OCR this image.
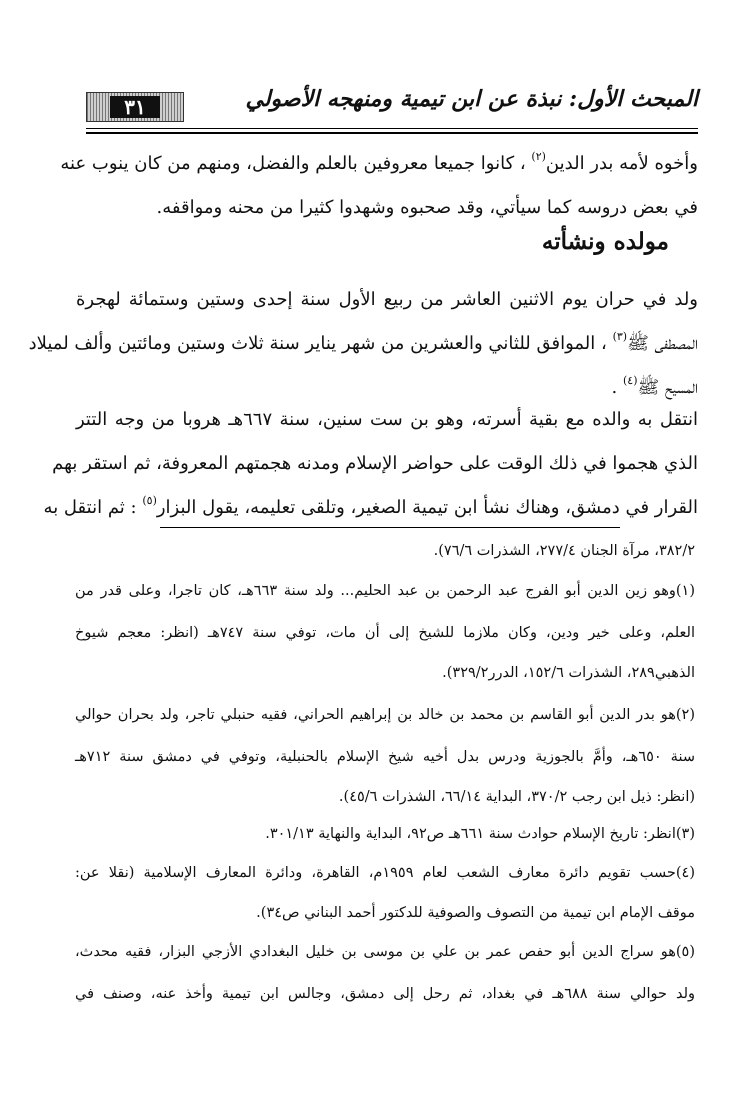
٣١	المبحث الأول: نبذة عن ابن تيمية ومنهجه الأصولي
وأخوه لأمه بدر الدين$^{(٢)}$ ، كانوا جميعا معروفين بالعلم والفضل، ومنهم من كان ينوب عنه
في بعض دروسه كما سيأتي، وقد صحبوه وشهدوا كثيرا من محنه ومواقفه.
مولده ونشأته
ولد في حران يوم الاثنين العاشر من ربيع الأول سنة إحدى وستين وستمائة لهجرة
المصطفى ﷺ$^{(٣)}$ ، الموافق للثاني والعشرين من شهر يناير سنة ثلاث وستين ومائتين وألف لميلاد
المسيح ﷺ$^{(٤)}$ .
انتقل به والده مع بقية أسرته، وهو بن ست سنين، سنة ٦٦٧هـ هروبا من وجه التتر
الذي هجموا في ذلك الوقت على حواضر الإسلام ومدنه هجمتهم المعروفة، ثم استقر بهم
القرار في دمشق، وهناك نشأ ابن تيمية الصغير، وتلقى تعليمه، يقول البزار$^{(٥)}$ : ثم انتقل به
٣٨٢/٢، مرآة الجنان ٢٧٧/٤، الشذرات ٧٦/٦).
(١)وهو زين الدين أبو الفرج عبد الرحمن بن عبد الحليم... ولد سنة ٦٦٣هـ، كان تاجرا، وعلى قدر من
العلم، وعلى خير ودين، وكان ملازما للشيخ إلى أن مات، توفي سنة ٧٤٧هـ (انظر: معجم شيوخ
الذهبي٢٨٩، الشذرات ١٥٢/٦، الدرر٣٢٩/٢).
(٢)هو بدر الدين أبو القاسم بن محمد بن خالد بن إبراهيم الحراني، فقيه حنبلي تاجر، ولد بحران حوالي
سنة ٦٥٠هـ، وأمَّ بالجوزية ودرس بدل أخيه شيخ الإسلام بالحنبلية، وتوفي في دمشق سنة ٧١٢هـ
(انظر: ذيل ابن رجب ٣٧٠/٢، البداية ٦٦/١٤، الشذرات ٤٥/٦).
(٣)انظر: تاريخ الإسلام حوادث سنة ٦٦١هـ ص٩٢، البداية والنهاية ٣٠١/١٣.
(٤)حسب تقويم دائرة معارف الشعب لعام ١٩٥٩م، القاهرة، ودائرة المعارف الإسلامية (نقلا عن:
موقف الإمام ابن تيمية من التصوف والصوفية للدكتور أحمد البناني ص٣٤).
(٥)هو سراج الدين أبو حفص عمر بن علي بن موسى بن خليل البغدادي الأزجي البزار، فقيه محدث،
ولد حوالي سنة ٦٨٨هـ في بغداد، ثم رحل إلى دمشق، وجالس ابن تيمية وأخذ عنه، وصنف في
